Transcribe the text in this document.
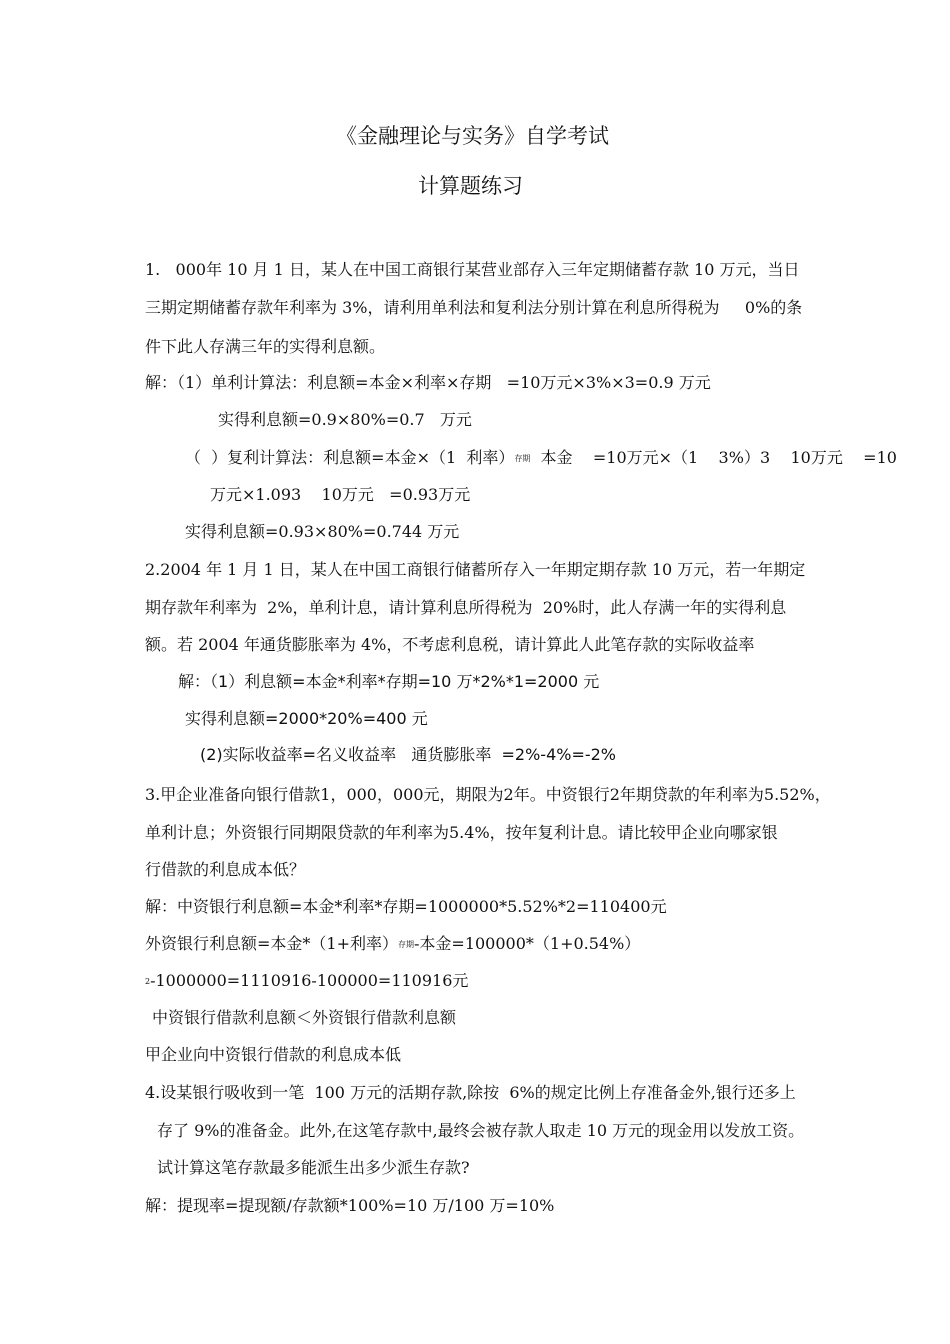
《金融理论与实务》自学考试

计算题练习

1.   000年 10 月 1 日，某人在中国工商银行某营业部存入三年定期储蓄存款 10 万元，当日

三期定期储蓄存款年利率为 3%，请利用单利法和复利法分别计算在利息所得税为     0%的条

件下此人存满三年的实得利息额。

解：（1）单利计算法：利息额=本金×利率×存期   =10万元×3%×3=0.9 万元

实得利息额=0.9×80%=0.7   万元

（  ）复利计算法：利息额=本金×（1  利率）$^{存期}$  本金    =10万元×（1    3%）3    10万元    =10

万元×1.093    10万元   =0.93万元

实得利息额=0.93×80%=0.744 万元

2.2004 年 1 月 1 日，某人在中国工商银行储蓄所存入一年期定期存款 10 万元，若一年期定

期存款年利率为  2%，单利计息，请计算利息所得税为  20%时，此人存满一年的实得利息

额。若 2004 年通货膨胀率为 4%，不考虑利息税，请计算此人此笔存款的实际收益率

解：（1）利息额=本金*利率*存期=10 万*2%*1=2000 元

实得利息额=2000*20%=400 元

(2)实际收益率=名义收益率   通货膨胀率  =2%-4%=-2%

3.甲企业准备向银行借款1，000，000元，期限为2年。中资银行2年期贷款的年利率为5.52%，

单利计息；外资银行同期限贷款的年利率为5.4%，按年复利计息。请比较甲企业向哪家银

行借款的利息成本低？

解：中资银行利息额=本金*利率*存期=1000000*5.52%*2=110400元

外资银行利息额=本金*（1+利率）$^{存期}$-本金=100000*（1+0.54%）

$^2$-1000000=1110916-100000=110916元

中资银行借款利息额＜外资银行借款利息额

甲企业向中资银行借款的利息成本低

4.设某银行吸收到一笔  100 万元的活期存款,除按  6%的规定比例上存准备金外,银行还多上

存了 9%的准备金。此外,在这笔存款中,最终会被存款人取走 10 万元的现金用以发放工资。

试计算这笔存款最多能派生出多少派生存款?

解：提现率=提现额/存款额*100%=10 万/100 万=10%
